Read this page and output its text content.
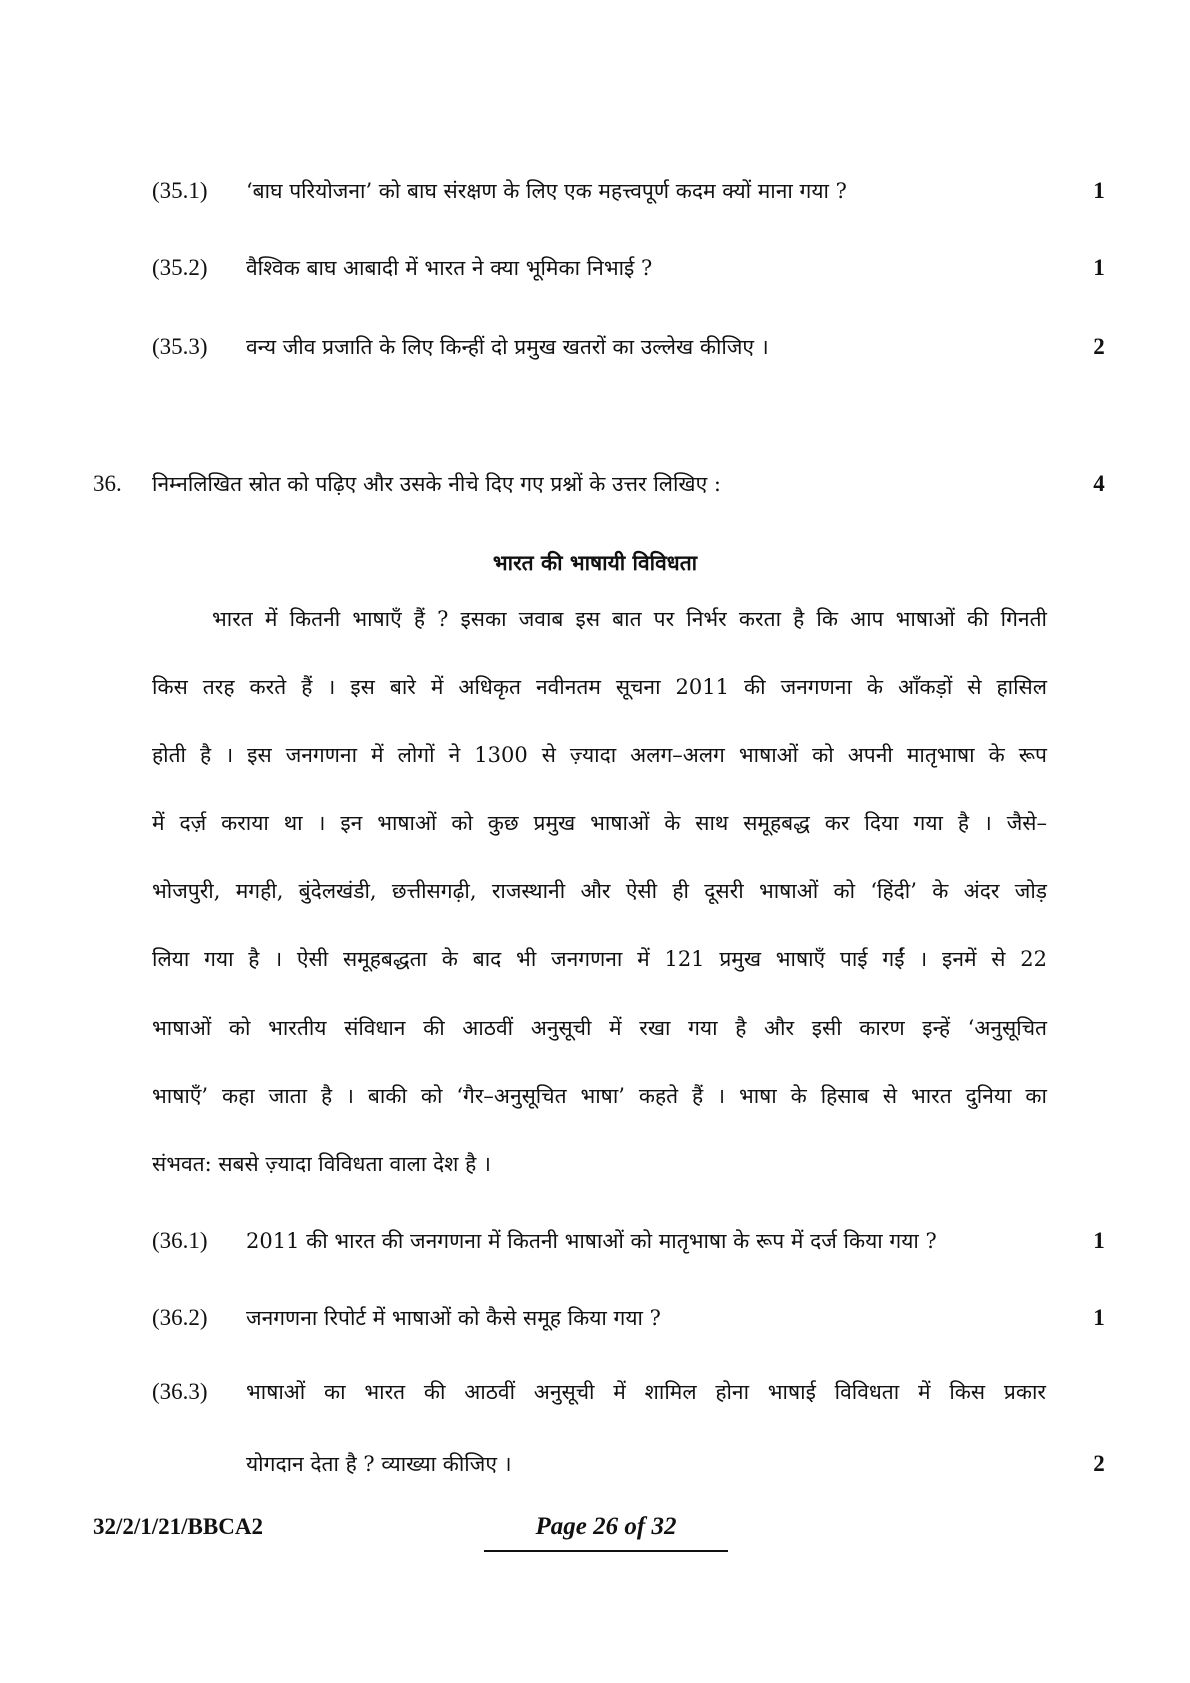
(35.1) ‘बाघ परियोजना’ को बाघ संरक्षण के लिए एक महत्त्वपूर्ण कदम क्यों माना गया ?	1
(35.2) वैश्विक बाघ आबादी में भारत ने क्या भूमिका निभाई ?	1
(35.3) वन्य जीव प्रजाति के लिए किन्हीं दो प्रमुख खतरों का उल्लेख कीजिए ।	2
36. निम्नलिखित स्रोत को पढ़िए और उसके नीचे दिए गए प्रश्नों के उत्तर लिखिए :	4
भारत की भाषायी विविधता
भारत में कितनी भाषाएँ हैं ? इसका जवाब इस बात पर निर्भर करता है कि आप भाषाओं की गिनती
किस तरह करते हैं । इस बारे में अधिकृत नवीनतम सूचना 2011 की जनगणना के आँकड़ों से हासिल
होती है । इस जनगणना में लोगों ने 1300 से ज़्यादा अलग–अलग भाषाओं को अपनी मातृभाषा के रूप
में दर्ज़ कराया था । इन भाषाओं को कुछ प्रमुख भाषाओं के साथ समूहबद्ध कर दिया गया है । जैसे–
भोजपुरी, मगही, बुंदेलखंडी, छत्तीसगढ़ी, राजस्थानी और ऐसी ही दूसरी भाषाओं को ‘हिंदी’ के अंदर जोड़
लिया गया है । ऐसी समूहबद्धता के बाद भी जनगणना में 121 प्रमुख भाषाएँ पाई गईं । इनमें से 22
भाषाओं को भारतीय संविधान की आठवीं अनुसूची में रखा गया है और इसी कारण इन्हें ‘अनुसूचित
भाषाएँ’ कहा जाता है । बाकी को ‘गैर–अनुसूचित भाषा’ कहते हैं । भाषा के हिसाब से भारत दुनिया का
संभवत: सबसे ज़्यादा विविधता वाला देश है ।
(36.1) 2011 की भारत की जनगणना में कितनी भाषाओं को मातृभाषा के रूप में दर्ज किया गया ?	1
(36.2) जनगणना रिपोर्ट में भाषाओं को कैसे समूह किया गया ?	1
(36.3) भाषाओं का भारत की आठवीं अनुसूची में शामिल होना भाषाई विविधता में किस प्रकार
योगदान देता है ? व्याख्या कीजिए ।	2
32/2/1/21/BBCA2	Page 26 of 32
